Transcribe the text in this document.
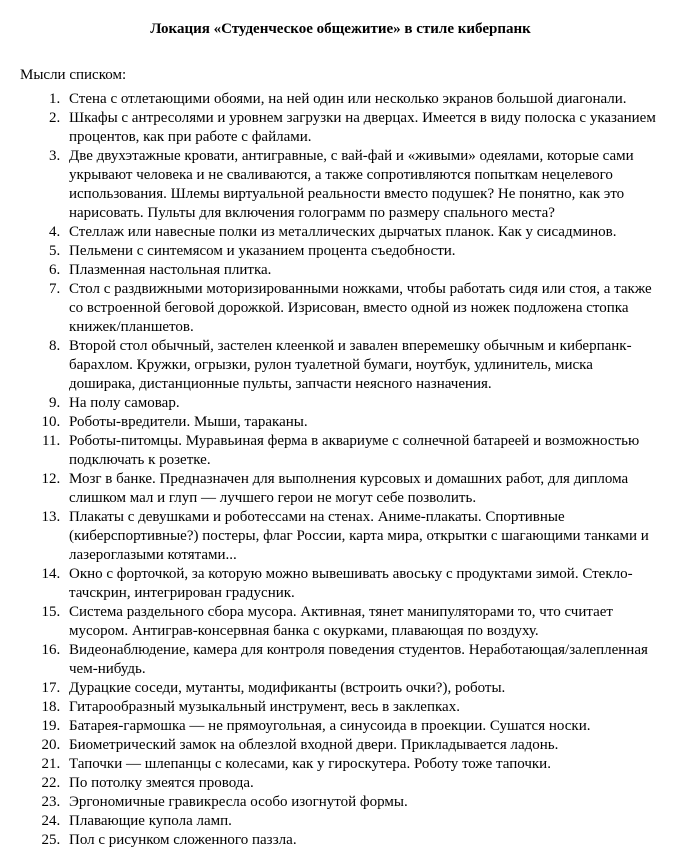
Локация «Студенческое общежитие» в стиле киберпанк
Мысли списком:
1. Стена с отлетающими обоями, на ней один или несколько экранов большой диагонали.
2. Шкафы с антресолями и уровнем загрузки на дверцах. Имеется в виду полоска с указанием процентов, как при работе с файлами.
3. Две двухэтажные кровати, антигравные, с вай-фай и «живыми» одеялами, которые сами укрывают человека и не сваливаются, а также сопротивляются попыткам нецелевого использования. Шлемы виртуальной реальности вместо подушек? Не понятно, как это нарисовать. Пульты для включения голограмм по размеру спального места?
4. Стеллаж или навесные полки из металлических дырчатых планок. Как у сисадминов.
5. Пельмени с синтемясом и указанием процента съедобности.
6. Плазменная настольная плитка.
7. Стол с раздвижными моторизированными ножками, чтобы работать сидя или стоя, а также со встроенной беговой дорожкой. Изрисован, вместо одной из ножек подложена стопка книжек/планшетов.
8. Второй стол обычный, застелен клеенкой и завален вперемешку обычным и киберпанк-барахлом. Кружки, огрызки, рулон туалетной бумаги, ноутбук, удлинитель, миска доширака, дистанционные пульты, запчасти неясного назначения.
9. На полу самовар.
10. Роботы-вредители. Мыши, тараканы.
11. Роботы-питомцы. Муравьиная ферма в аквариуме с солнечной батареей и возможностью подключать к розетке.
12. Мозг в банке. Предназначен для выполнения курсовых и домашних работ, для диплома слишком мал и глуп — лучшего герои не могут себе позволить.
13. Плакаты с девушками и роботессами на стенах. Аниме-плакаты. Спортивные (киберспортивные?) постеры, флаг России, карта мира, открытки с шагающими танками и лазероглазыми котятами...
14. Окно с форточкой, за которую можно вывешивать авоську с продуктами зимой. Стекло-тачскрин, интегрирован градусник.
15. Система раздельного сбора мусора. Активная, тянет манипуляторами то, что считает мусором. Антиграв-консервная банка с окурками, плавающая по воздуху.
16. Видеонаблюдение, камера для контроля поведения студентов. Неработающая/залепленная чем-нибудь.
17. Дурацкие соседи, мутанты, модификанты (встроить очки?), роботы.
18. Гитарообразный музыкальный инструмент, весь в заклепках.
19. Батарея-гармошка — не прямоугольная, а синусоида в проекции. Сушатся носки.
20. Биометрический замок на облезлой входной двери. Прикладывается ладонь.
21. Тапочки — шлепанцы с колесами, как у гироскутера. Роботу тоже тапочки.
22. По потолку змеятся провода.
23. Эргономичные гравикресла особо изогнутой формы.
24. Плавающие купола ламп.
25. Пол с рисунком сложенного паззла.
